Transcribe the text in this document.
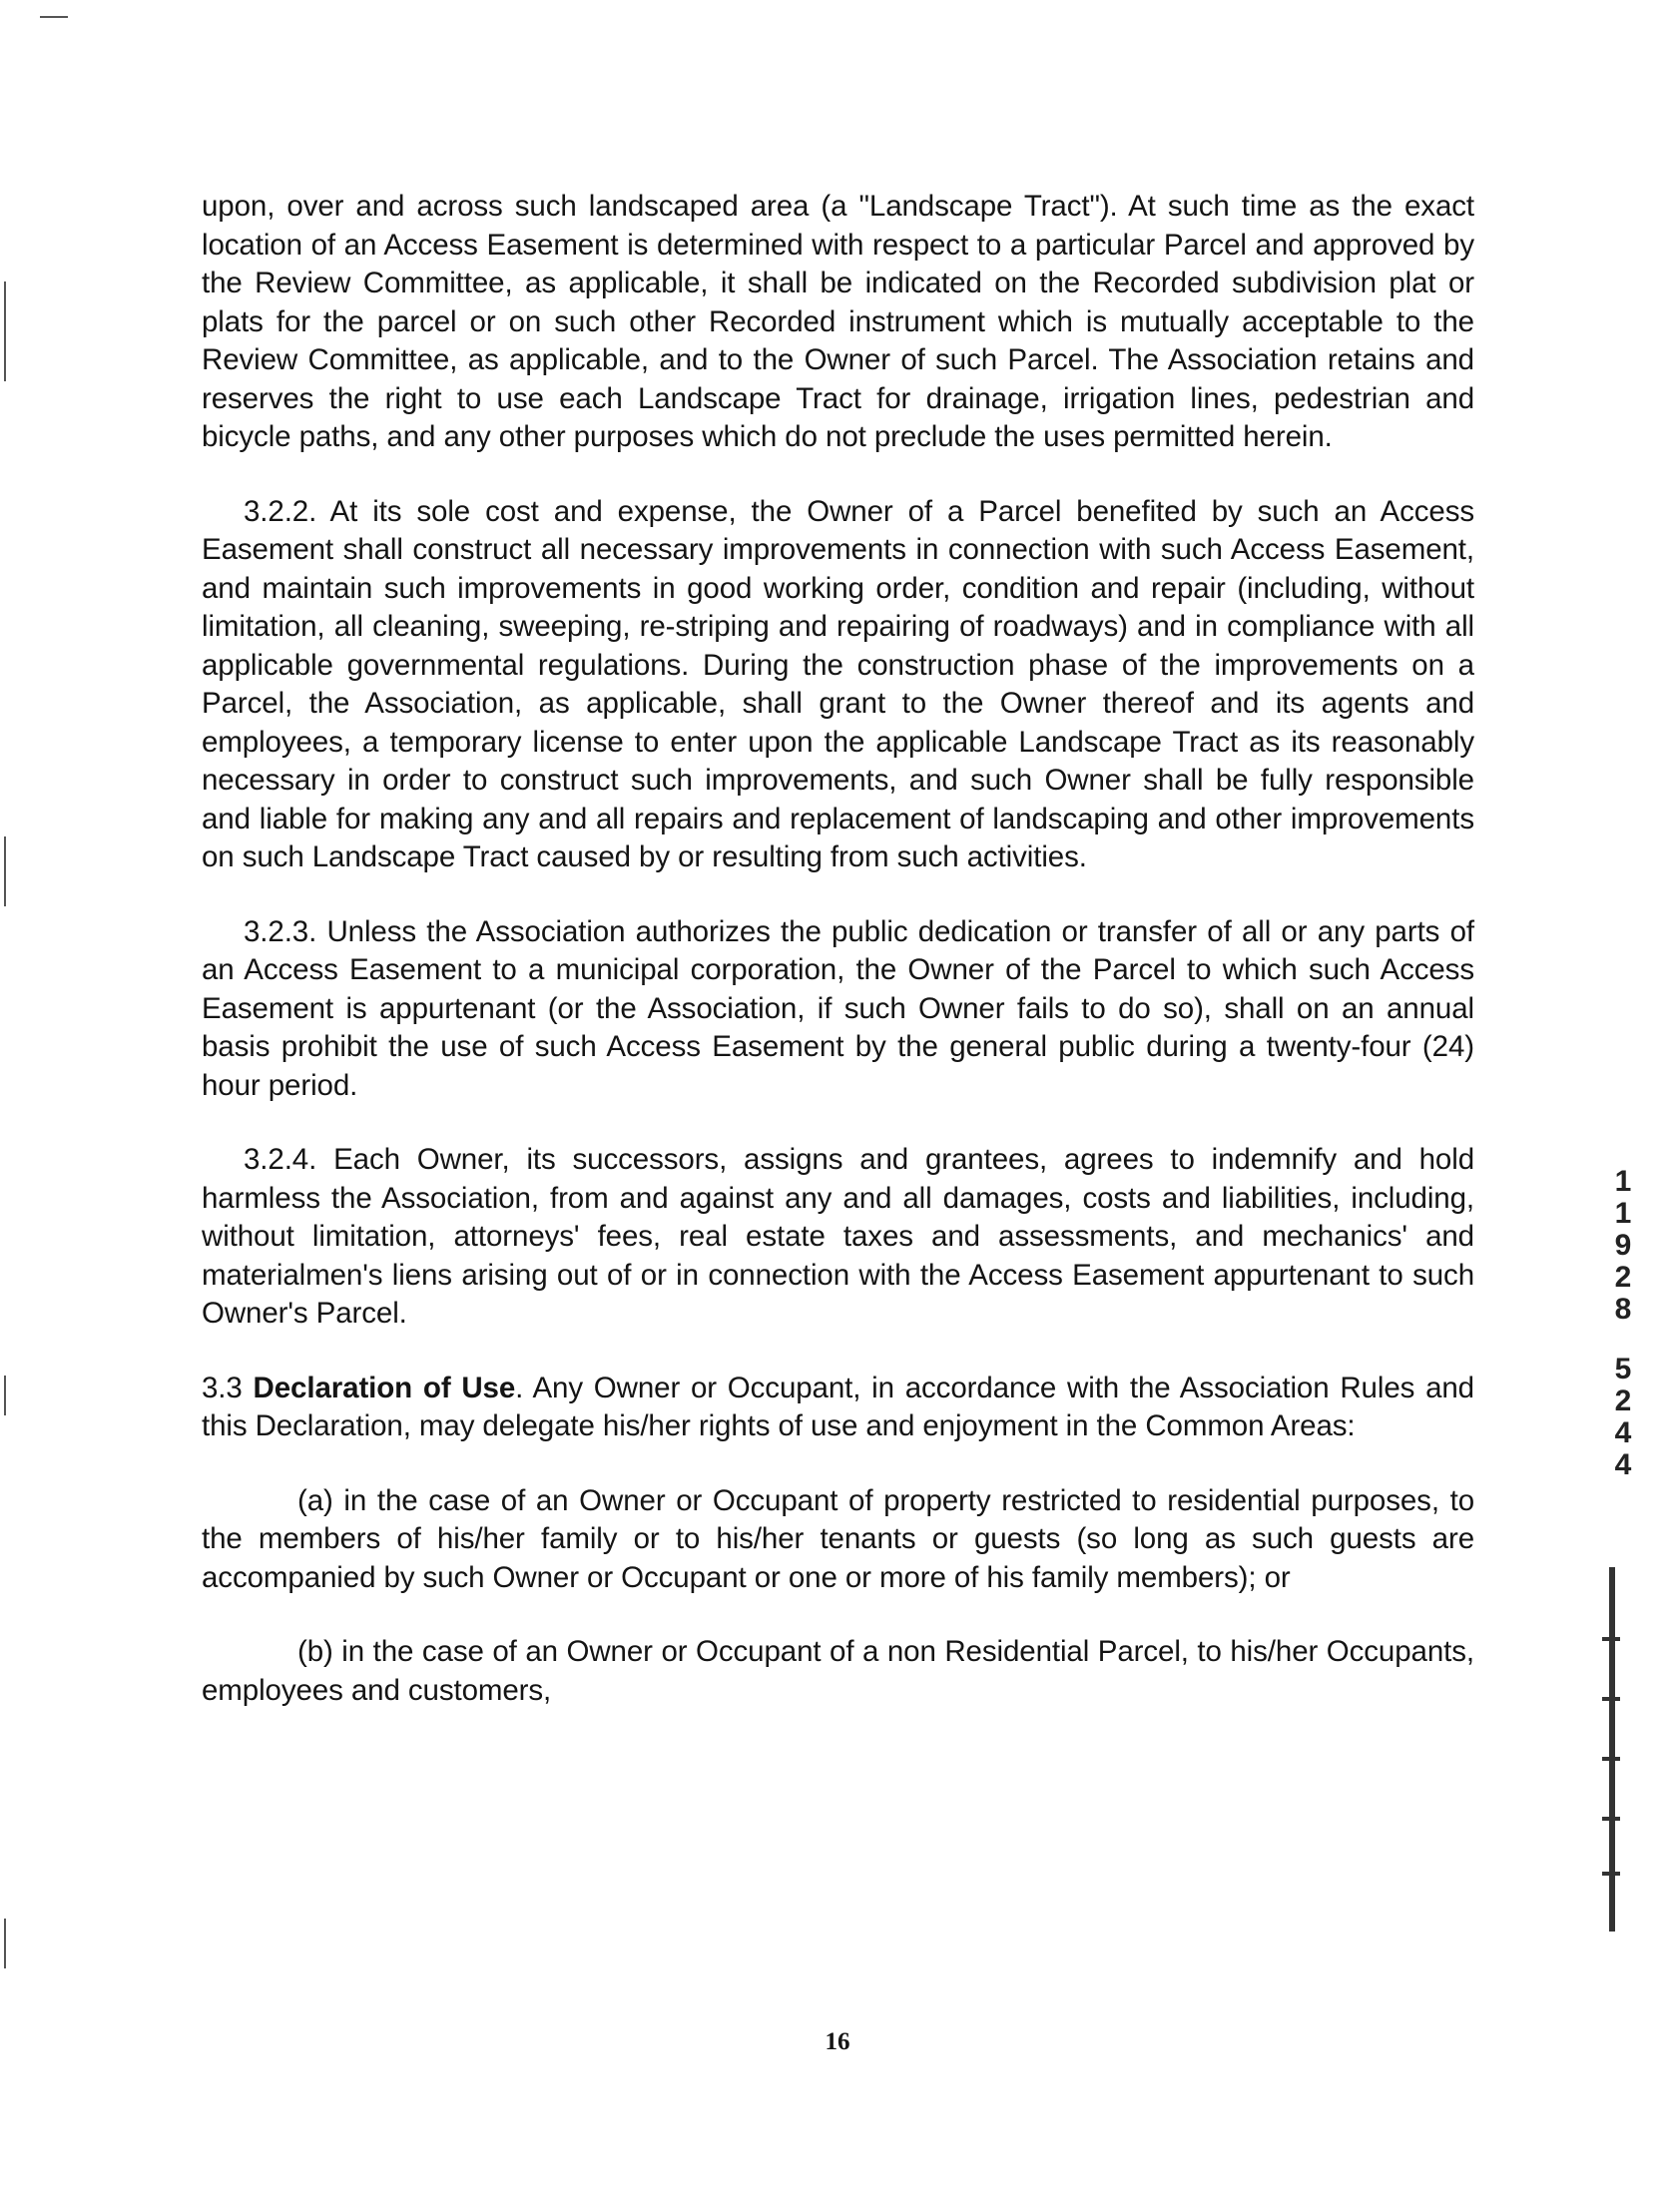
upon, over and across such landscaped area (a "Landscape Tract"). At such time as the exact location of an Access Easement is determined with respect to a particular Parcel and approved by the Review Committee, as applicable, it shall be indicated on the Recorded subdivision plat or plats for the parcel or on such other Recorded instrument which is mutually acceptable to the Review Committee, as applicable, and to the Owner of such Parcel. The Association retains and reserves the right to use each Landscape Tract for drainage, irrigation lines, pedestrian and bicycle paths, and any other purposes which do not preclude the uses permitted herein.

3.2.2. At its sole cost and expense, the Owner of a Parcel benefited by such an Access Easement shall construct all necessary improvements in connection with such Access Easement, and maintain such improvements in good working order, condition and repair (including, without limitation, all cleaning, sweeping, re-striping and repairing of roadways) and in compliance with all applicable governmental regulations. During the construction phase of the improvements on a Parcel, the Association, as applicable, shall grant to the Owner thereof and its agents and employees, a temporary license to enter upon the applicable Landscape Tract as its reasonably necessary in order to construct such improvements, and such Owner shall be fully responsible and liable for making any and all repairs and replacement of landscaping and other improvements on such Landscape Tract caused by or resulting from such activities.

3.2.3. Unless the Association authorizes the public dedication or transfer of all or any parts of an Access Easement to a municipal corporation, the Owner of the Parcel to which such Access Easement is appurtenant (or the Association, if such Owner fails to do so), shall on an annual basis prohibit the use of such Access Easement by the general public during a twenty-four (24) hour period.

3.2.4. Each Owner, its successors, assigns and grantees, agrees to indemnify and hold harmless the Association, from and against any and all damages, costs and liabilities, including, without limitation, attorneys' fees, real estate taxes and assessments, and mechanics' and materialmen's liens arising out of or in connection with the Access Easement appurtenant to such Owner's Parcel.

3.3 Declaration of Use. Any Owner or Occupant, in accordance with the Association Rules and this Declaration, may delegate his/her rights of use and enjoyment in the Common Areas:

(a) in the case of an Owner or Occupant of property restricted to residential purposes, to the members of his/her family or to his/her tenants or guests (so long as such guests are accompanied by such Owner or Occupant or one or more of his family members); or

(b) in the case of an Owner or Occupant of a non Residential Parcel, to his/her Occupants, employees and customers,

1
1
9
2
8
5
2
4
4
16
